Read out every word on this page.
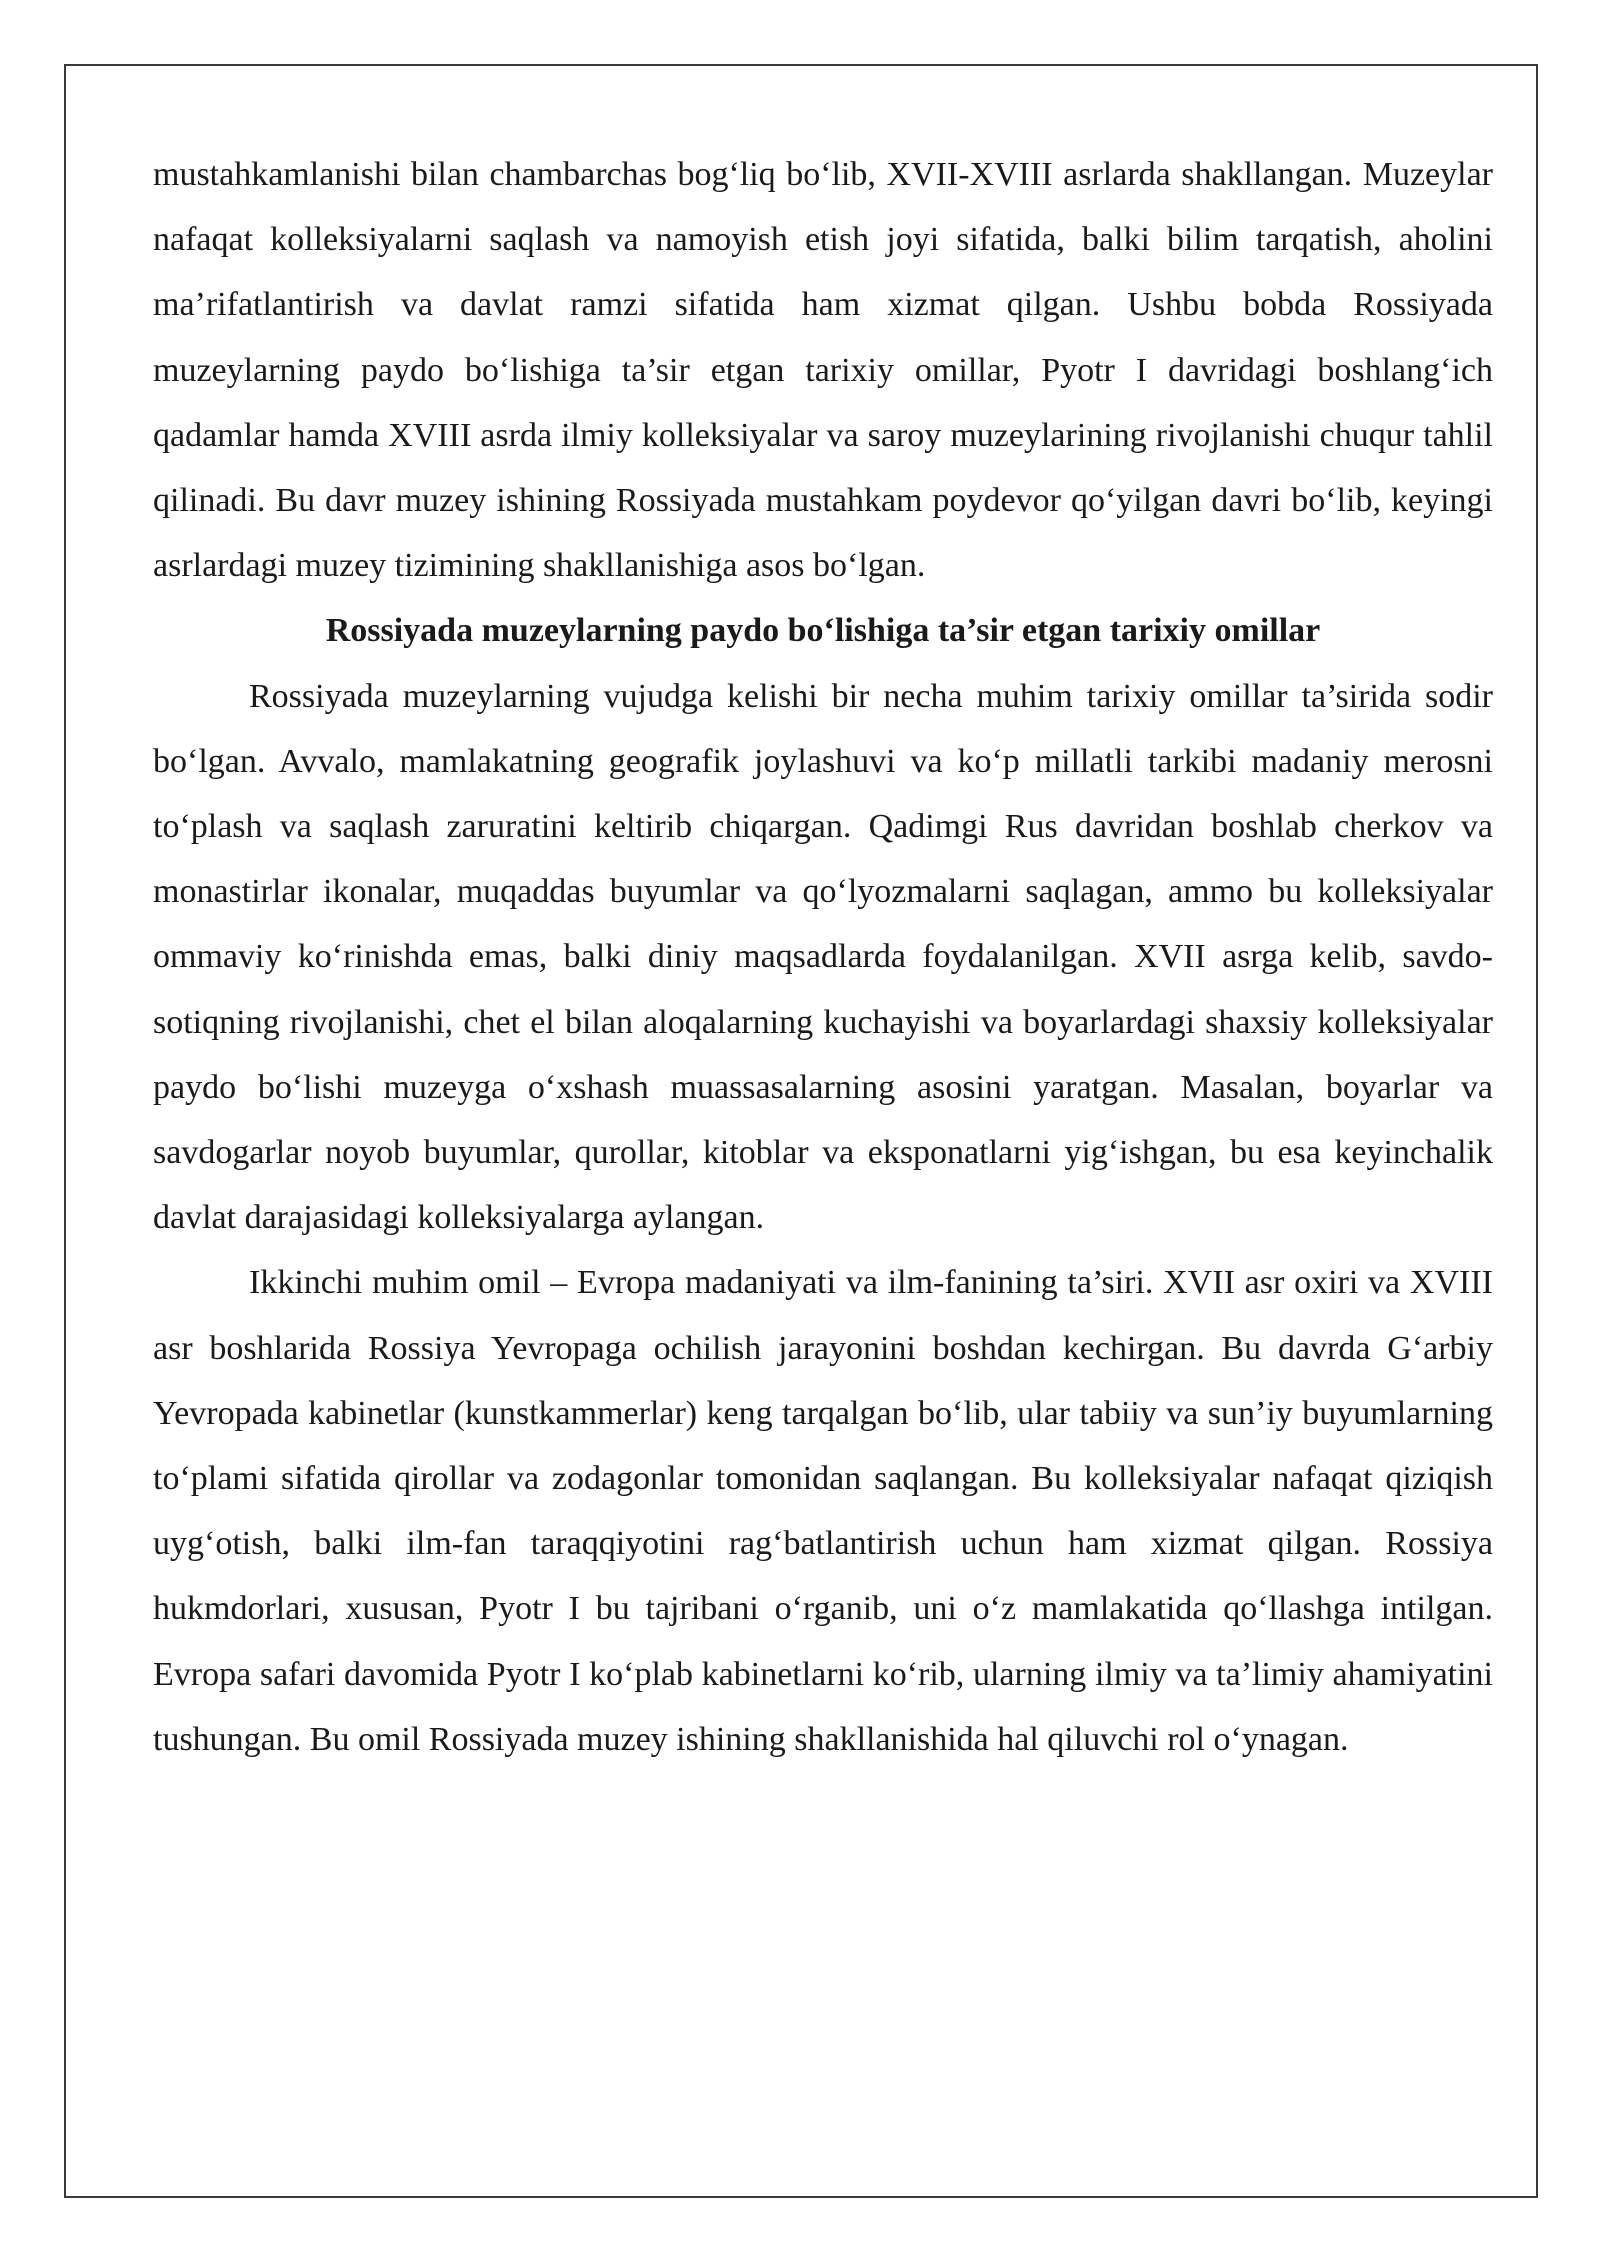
mustahkamlanishi bilan chambarchas bog‘liq bo‘lib, XVII-XVIII asrlarda shakllangan. Muzeylar nafaqat kolleksiyalarni saqlash va namoyish etish joyi sifatida, balki bilim tarqatish, aholini ma’rifatlantirish va davlat ramzi sifatida ham xizmat qilgan. Ushbu bobda Rossiyada muzeylarning paydo bo‘lishiga ta’sir etgan tarixiy omillar, Pyotr I davridagi boshlang‘ich qadamlar hamda XVIII asrda ilmiy kolleksiyalar va saroy muzeylarining rivojlanishi chuqur tahlil qilinadi. Bu davr muzey ishining Rossiyada mustahkam poydevor qo‘yilgan davri bo‘lib, keyingi asrlardagi muzey tizimining shakllanishiga asos bo‘lgan.

Rossiyada muzeylarning paydo bo‘lishiga ta’sir etgan tarixiy omillar

Rossiyada muzeylarning vujudga kelishi bir necha muhim tarixiy omillar ta’sirida sodir bo‘lgan. Avvalo, mamlakatning geografik joylashuvi va ko‘p millatli tarkibi madaniy merosni to‘plash va saqlash zaruratini keltirib chiqargan. Qadimgi Rus davridan boshlab cherkov va monastirlar ikonalar, muqaddas buyumlar va qo‘lyozmalarni saqlagan, ammo bu kolleksiyalar ommaviy ko‘rinishda emas, balki diniy maqsadlarda foydalanilgan. XVII asrga kelib, savdo-sotiqning rivojlanishi, chet el bilan aloqalarning kuchayishi va boyarlardagi shaxsiy kolleksiyalar paydo bo‘lishi muzeyga o‘xshash muassasalarning asosini yaratgan. Masalan, boyarlar va savdogarlar noyob buyumlar, qurollar, kitoblar va eksponatlarni yig‘ishgan, bu esa keyinchalik davlat darajasidagi kolleksiyalarga aylangan.

Ikkinchi muhim omil – Evropa madaniyati va ilm-fanining ta’siri. XVII asr oxiri va XVIII asr boshlarida Rossiya Yevropaga ochilish jarayonini boshdan kechirgan. Bu davrda G‘arbiy Yevropada kabinetlar (kunstkammerlar) keng tarqalgan bo‘lib, ular tabiiy va sun’iy buyumlarning to‘plami sifatida qirollar va zodagonlar tomonidan saqlangan. Bu kolleksiyalar nafaqat qiziqish uyg‘otish, balki ilm-fan taraqqiyotini rag‘batlantirish uchun ham xizmat qilgan. Rossiya hukmdorlari, xususan, Pyotr I bu tajribani o‘rganib, uni o‘z mamlakatida qo‘llashga intilgan. Evropa safari davomida Pyotr I ko‘plab kabinetlarni ko‘rib, ularning ilmiy va ta’limiy ahamiyatini tushungan. Bu omil Rossiyada muzey ishining shakllanishida hal qiluvchi rol o‘ynagan.
